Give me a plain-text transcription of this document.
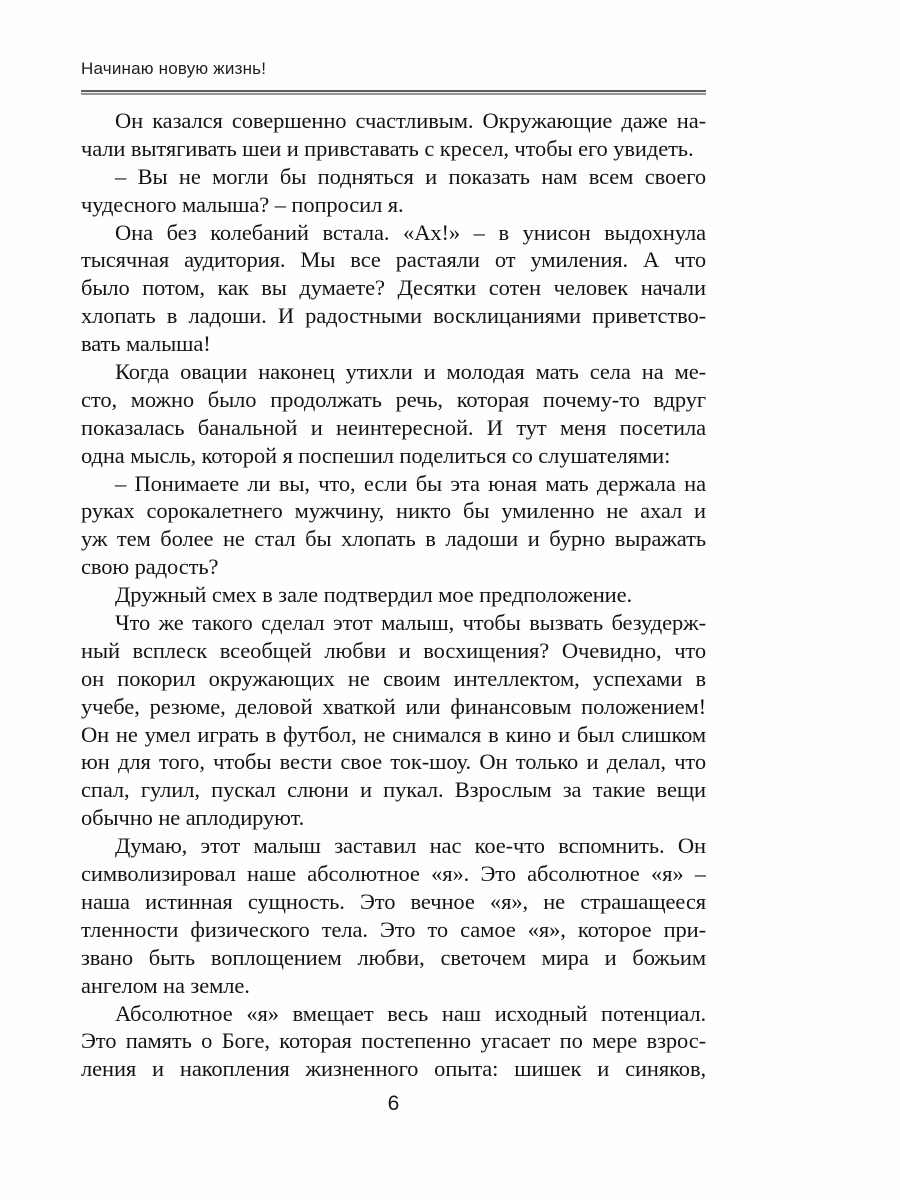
Начинаю новую жизнь!
Он казался совершенно счастливым. Окружающие даже на-
чали вытягивать шеи и привставать с кресел, чтобы его увидеть.
– Вы не могли бы подняться и показать нам всем своего
чудесного малыша? – попросил я.
Она без колебаний встала. «Ах!» – в унисон выдохнула
тысячная аудитория. Мы все растаяли от умиления. А что
было потом, как вы думаете? Десятки сотен человек начали
хлопать в ладоши. И радостными восклицаниями приветство-
вать малыша!
Когда овации наконец утихли и молодая мать села на ме-
сто, можно было продолжать речь, которая почему-то вдруг
показалась банальной и неинтересной. И тут меня посетила
одна мысль, которой я поспешил поделиться со слушателями:
– Понимаете ли вы, что, если бы эта юная мать держала на
руках сорокалетнего мужчину, никто бы умиленно не ахал и
уж тем более не стал бы хлопать в ладоши и бурно выражать
свою радость?
Дружный смех в зале подтвердил мое предположение.
Что же такого сделал этот малыш, чтобы вызвать безудерж-
ный всплеск всеобщей любви и восхищения? Очевидно, что
он покорил окружающих не своим интеллектом, успехами в
учебе, резюме, деловой хваткой или финансовым положением!
Он не умел играть в футбол, не снимался в кино и был слишком
юн для того, чтобы вести свое ток-шоу. Он только и делал, что
спал, гулил, пускал слюни и пукал. Взрослым за такие вещи
обычно не аплодируют.
Думаю, этот малыш заставил нас кое-что вспомнить. Он
символизировал наше абсолютное «я». Это абсолютное «я» –
наша истинная сущность. Это вечное «я», не страшащееся
тленности физического тела. Это то самое «я», которое при-
звано быть воплощением любви, светочем мира и божьим
ангелом на земле.
Абсолютное «я» вмещает весь наш исходный потенциал.
Это память о Боге, которая постепенно угасает по мере взрос-
ления и накопления жизненного опыта: шишек и синяков,
6
